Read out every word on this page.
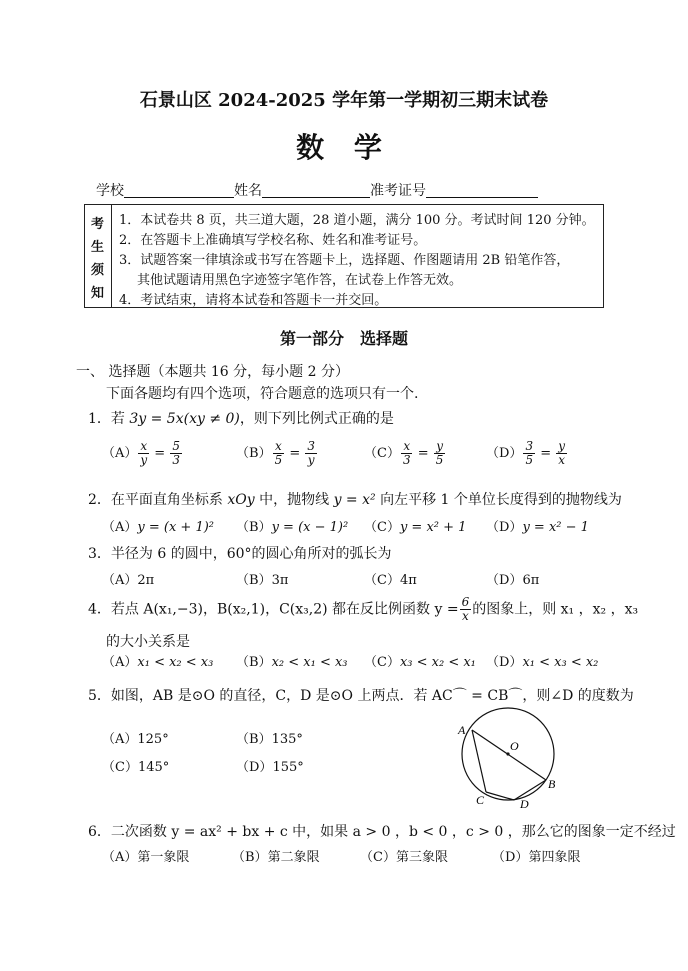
石景山区 2024-2025 学年第一学期初三期末试卷
数 学
学校	姓名	准考证号
考
生
须
知
1．本试卷共 8 页，共三道大题，28 道小题，满分 100 分。考试时间 120 分钟。
2．在答题卡上准确填写学校名称、姓名和准考证号。
3．试题答案一律填涂或书写在答题卡上，选择题、作图题请用 2B 铅笔作答，
其他试题请用黑色字迹签字笔作答，在试卷上作答无效。
4．考试结束，请将本试卷和答题卡一并交回。
第一部分　选择题
一、 选择题（本题共 16 分，每小题 2 分）
下面各题均有四个选项，符合题意的选项只有一个.
1．若 3y = 5x(xy ≠ 0)，则下列比例式正确的是
$(A) \frac{x}{y} = \frac{5}{3}$	$(B) \frac{x}{5} = \frac{3}{y}$	$(C) \frac{x}{3} = \frac{y}{5}$	$(D) \frac{3}{5} = \frac{y}{x}$
2．在平面直角坐标系 xOy 中，抛物线 y = x² 向左平移 1 个单位长度得到的抛物线为
（A）y = (x + 1)² （B）y = (x − 1)² （C）y = x² + 1 （D）y = x² − 1
3．半径为 6 的圆中，60°的圆心角所对的弧长为
（A）2π	（B）3π	（C）4π	（D）6π
4．若点 A(x₁,−3)，B(x₂,1)，C(x₃,2) 都在反比例函数 $y = \frac{6}{x}$ 的图象上，则 x₁ ，x₂ ，x₃
的大小关系是
（A）x₁ < x₂ < x₃ （B）x₂ < x₁ < x₃ （C）x₃ < x₂ < x₁ （D）x₁ < x₃ < x₂
5．如图，AB 是⊙O 的直径，C，D 是⊙O 上两点．若 AC⌒ = CB⌒，则∠D 的度数为
（A）125°	（B）135°
（C）145°	（D）155°
A
O
B
C	D
6．二次函数 y = ax² + bx + c 中，如果 a > 0 ，b < 0 ，c > 0 ，那么它的图象一定不经过
（A）第一象限	（B）第二象限	（C）第三象限	（D）第四象限
